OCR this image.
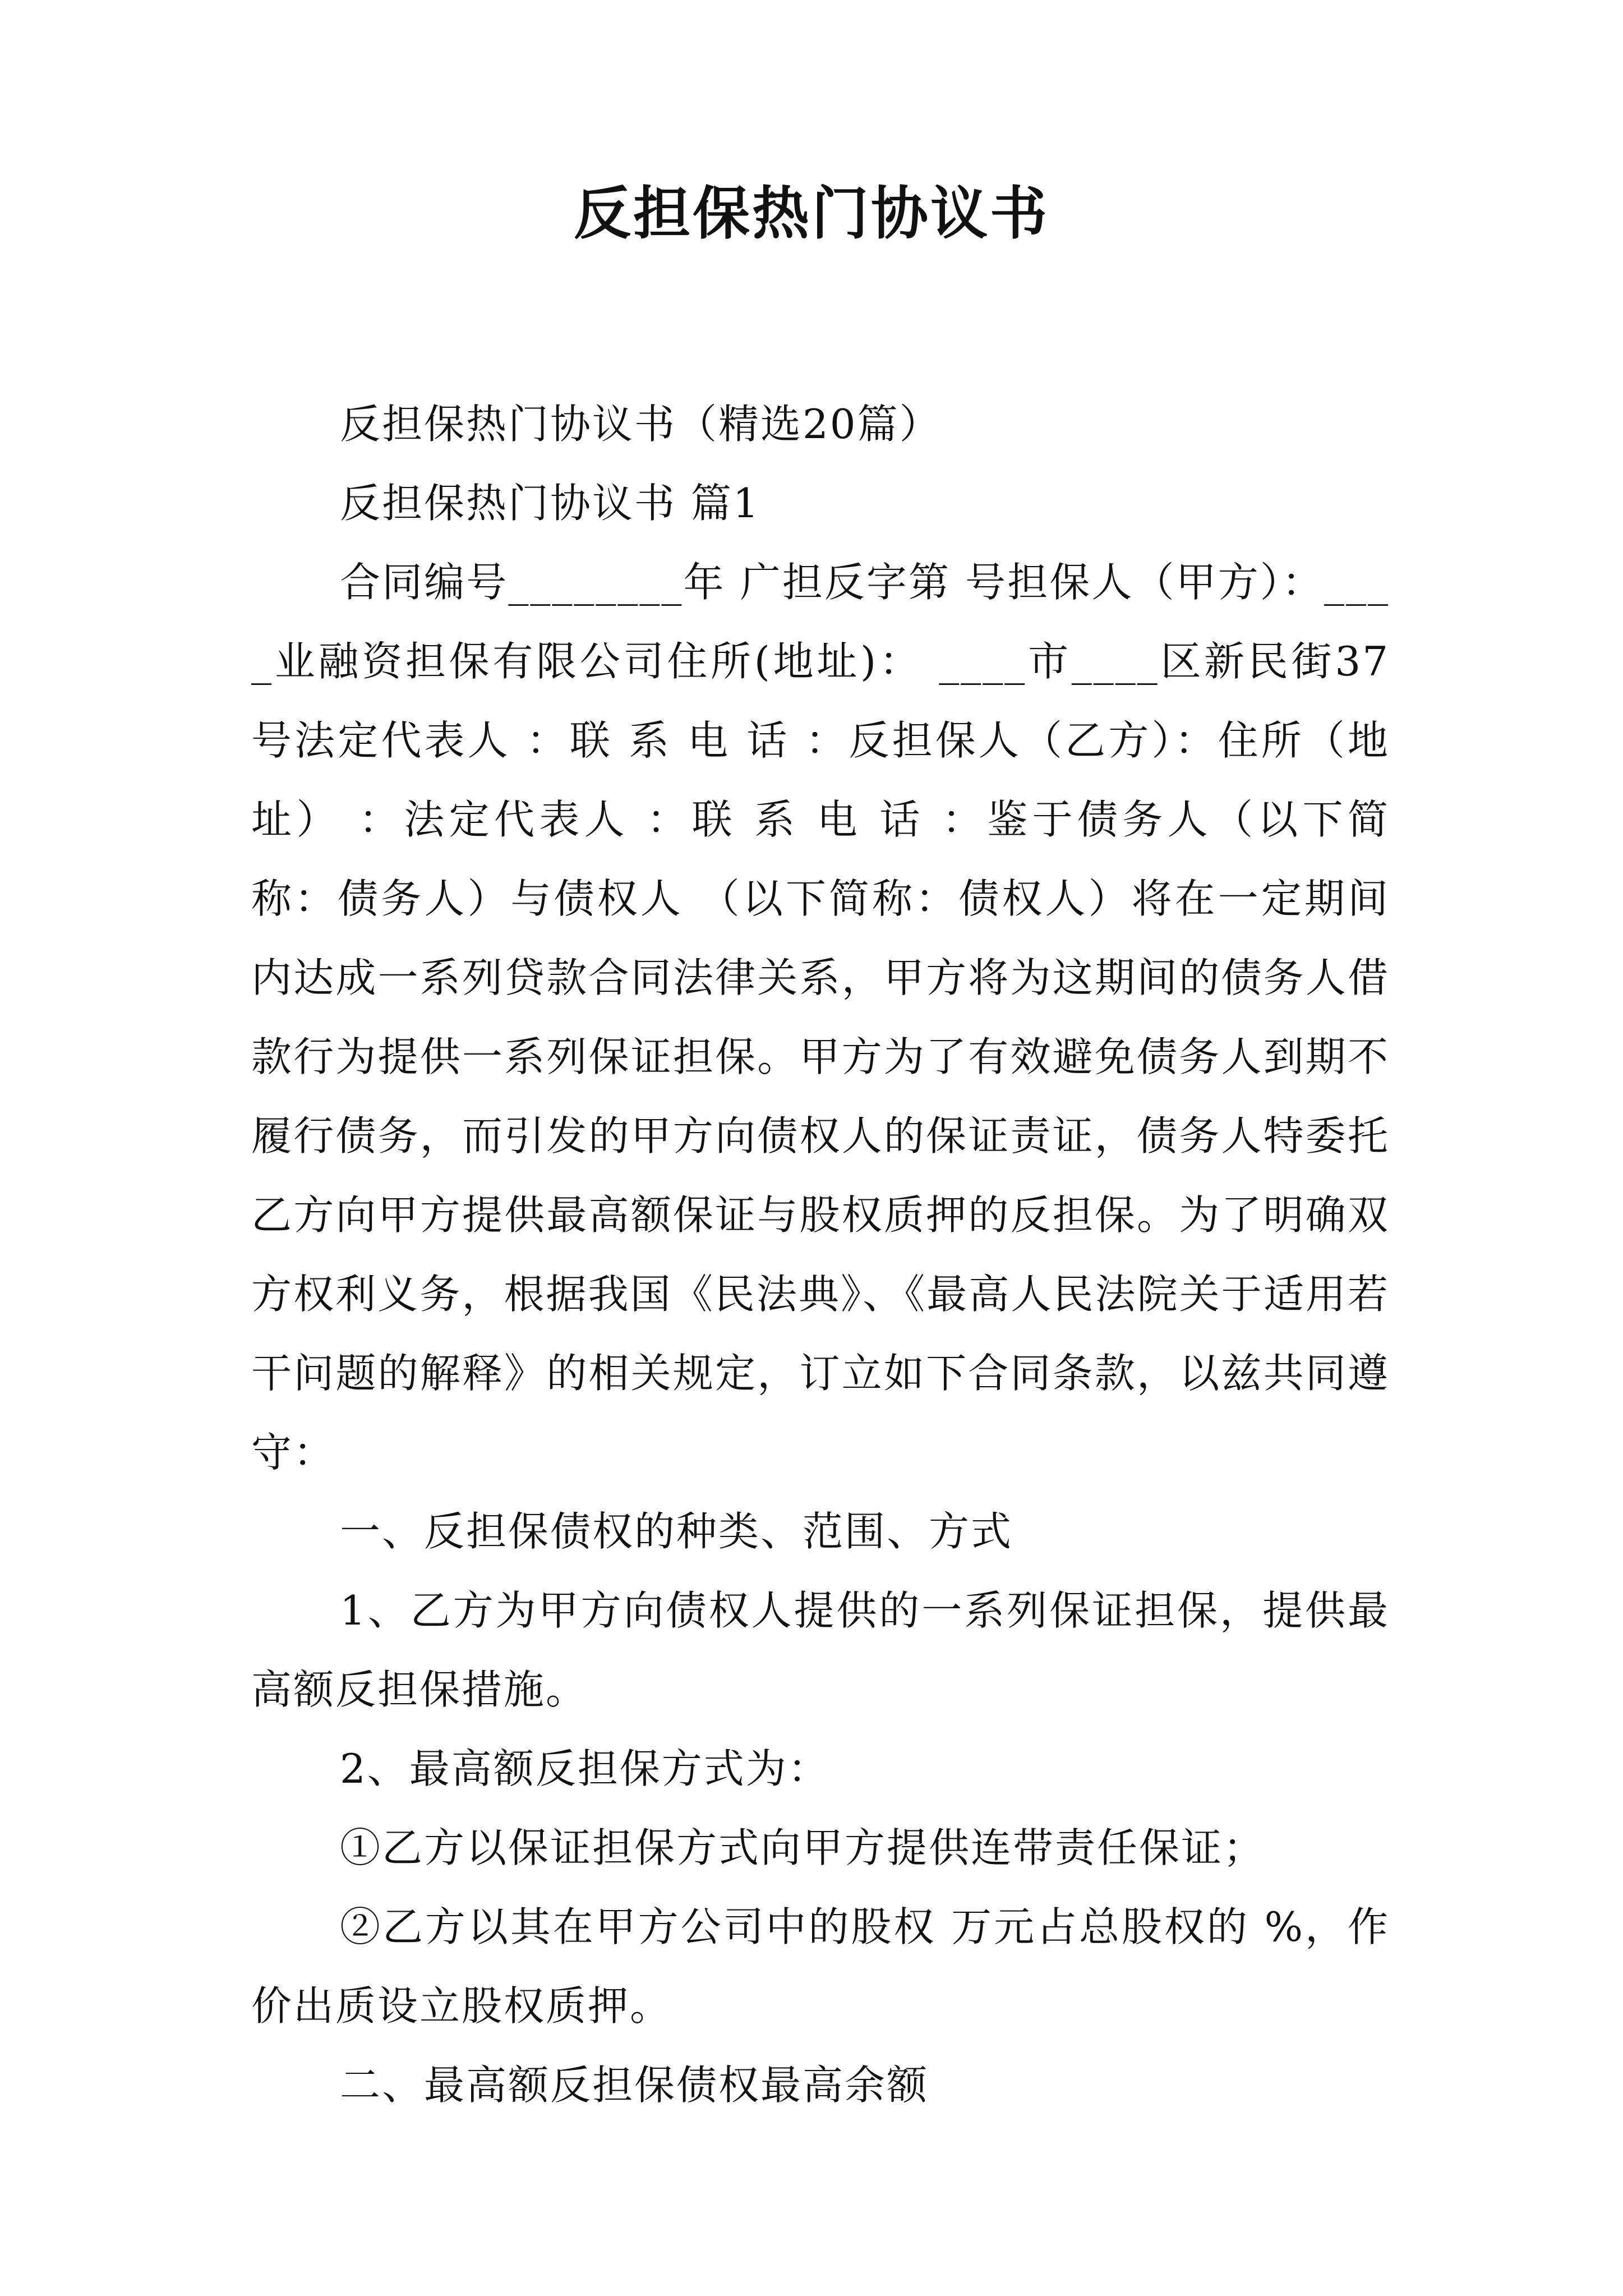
反担保热门协议书

反担保热门协议书（精选20篇）

反担保热门协议书 篇1

合同编号________年 广担反字第 号担保人（甲方）：____业融资担保有限公司住所(地址)： ____市____区新民街37号法定代表人 ：联 系 电 话 ：反担保人（乙方）：住所（地址） ：法定代表人 ：联 系 电 话 ：鉴于债务人（以下简称：债务人）与债权人 （以下简称：债权人）将在一定期间内达成一系列贷款合同法律关系，甲方将为这期间的债务人借款行为提供一系列保证担保。甲方为了有效避免债务人到期不履行债务，而引发的甲方向债权人的保证责证，债务人特委托乙方向甲方提供最高额保证与股权质押的反担保。为了明确双方权利义务，根据我国《民法典》、《最高人民法院关于适用若干问题的解释》的相关规定，订立如下合同条款，以兹共同遵守：

一、反担保债权的种类、范围、方式

1、乙方为甲方向债权人提供的一系列保证担保，提供最高额反担保措施。

2、最高额反担保方式为：

①乙方以保证担保方式向甲方提供连带责任保证；

②乙方以其在甲方公司中的股权 万元占总股权的 %，作价出质设立股权质押。

二、最高额反担保债权最高余额
